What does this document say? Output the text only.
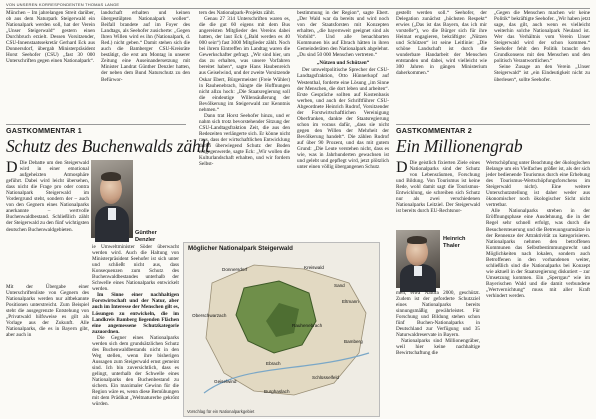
VON UNSEREN KORRESPONDENTEN THOMAS LANGE

München – Im jahrelangen Streit darüber, ob aus dem Naturpark Steigerwald ein Nationalpark werden soll, hat der Verein „Unser Steigerwald“ gestern einen Durchbruch erzielt. Dessen Vorsitzender, CSU-Innenstaatssekretär Gerhard Eck aus Donnersdorf, übergab Ministerpräsident Horst Seehofer (CSU) „fast 30 000 Unterschriften gegen einen Nationalpark“.

landschaft erhalten und keinen übergestülpten Nationalpark wollen“. Beifall brandete auf im Foyer des Landtags, als Seehofer zusicherte: „Gegen Ihren Willen wird es ihn (Nationalpark, d. Red.) nicht geben.“ Damit stehen sich die auch die Bamberger CSU-Kreisräte bestätigt, die erst am Montag in unserer Zeitung eine Auseinandersetzung mit Minister Landrat Günther Denzler hatten, der neben dem Bund Naturschutz zu den Befürwor-

tern des Nationalpark-Projekts zählt.

Genau 27 314 Unterschriften waren es, die die gut 60 eigens mit dem Bus angereisten Mitglieder des Vereins dabei hatten, der laut Eck („Bald werden es 40 000 sein“) fast 3000 Mitglieder zählt. Noch bei ihrem Eintreffen im Landtag waren die Gewerkschafter gefragt. „Wir sind hier, um das zu erhalten, was unsere Vorfahren bereitet haben“, sagte Hans Haubenreich aus Geiselwind, und der zweite Vorsitzende Oskar Ebert, Bürgermeister (Freie Wähler) in Rauhenebrach, hängte die Hoffnungen nicht allzu hoch: „Die Staatsregierung soll die eindeutige Willensäußerung der Bevölkerung im Steigerwald zur Kenntnis nehmen.“

Dann trat Horst Seehofer hinzu, und er nahm sich trotz bevorstehender Sitzung der CSU-Landtagsfraktion Zeit, die aus den Redezeiten verlängerte sich. Er könne nicht raus, dass der wirtschaftlichen Entwicklung durch überwiegend Schutz der Boden entgegenwerde, sagte Eck: „Wir wollen die Kulturlandschaft erhalten, und wir fordern Selbst-

bestimmung in der Region“, sagte Ebert. „Der Wald war da bereits und wird noch von der Staatsforsten mit Konzepten erhalten, „die bayernweit geeignet sind als Vorbild“. Und alle benachbarten Kommunen bis auf Ebrach hätten in ihren Gemeinderäten den Nationalpark abgelehnt. „Du sind 50 000 Menschen vertreten.“

„Nützen und Schützen“

Der umweltpolitische Sprecher der CSU-Landtagsfraktion, Otto Hünnerkopf auf Westenthal, forderte eine Lösung „im Sinne der Menschen, die dort leben und arbeiten“. Erste Gespräche sollten auf Kostenbasis werben, und auch der Schriftführer CSU-Abgeordnete Heinrich Rudrof, Vorsitzender der Forstwirtschaftlichen Vereinigung Oberfranken, dankte der Staatsregierung schon im voraus dafür, „dass sie nicht gegen den Willen der Mehrheit der Bevölkerung handelt“. Die zählen Rudrof auf über 90 Prozent, und das mit gutem Grund: „Die Leute verstehen nicht, dass es wie, was in Jahrhunderten gewachsen ist und gelebt und gepflegt wird, jetzt plötzlich unter einen völlig übergangenen Schutz

gestellt werden soll.“ Seehofer, der Delegation zunächst „höchsten Respekt“ erwies („Das ist das Bayern, das ich mir vorstelle“), wo die Bürger sich für ihre Heimat engagieren, bekräftigte: „Nützen und Schützen“ ist seine Leitlinie: „Die schöne Landschaft ist durch die wunderbare Handarbeit der Menschen entstanden und dabei, wird vielleicht wie 300 Jahren in gängen Ministerium daherkommen.“

„Gegen die Menschen machen wir keine Politik“ bekräftigte Seehofer. „Wir haben jetzt sage, das gilt, auch wenn es vielleicht weiterhin solche Nationalpark Neuland ist. Wer das Verhältnis vom Verein Unser Steigerwald wird der schon kommen.“ Seehofer fehlt den Politik braucht den Grundkonsens mit den Menschen und den politisch Verantwortlichen.“

Seine Zusage an den Verein „Unser Steigerwald“ ist „ein Eindeutigkeit nicht zu überlesen“, sollte Seehofer.

GASTKOMMENTAR 1
Schutz des Buchenwalds zählt
D Die Debatte um den Steigerwald wird in einer emotional aufgeheizten Atmosphäre geführt. Dabei wird leicht übersehen, dass nicht die Frage pro oder contra Nationalpark Steigerwald im Vordergrund steht, sondern der – auch von den Gegnern eines Nationalparks anerkannte – wertvolle Buchenwaldbestand. Schließlich zählt der Steigerwald zu den fünf wichtigsten deutschen Buchenwaldgebieten.
Günther
Denzler

Mit der Übergabe einer Unterschriftenliste von Gegnern des Nationalparks werden nur altbekannte Positionen unterstreicht. Zum Beispiel steht die ausgegrenzte Entstehung von „Privatwald hilfsweise es gilt als Vorlage aus der Zukunft. Alle Nationalparks, die es in Bayern gibt, aber auch in

ie Umweltminister Söder überwacht werden wird. Auch die Haltung von Ministerpräsident Seehofer ist sich unter und schließt nicht aus, dass Konsequenzen zum Schutz des Buchenwaldbestandes unterhalb der Schwelle eines Nationalparks entwickelt werden.

Im Sinne einer nachhaltigen Forstwirtschaft und der Natur, aber auch im Interesse der Menschen gilt es, Lösungen zu entwickeln, die im Landkreis Bamberg liegenden Flächen eine angemessene Schutzkategorie zuzuordnen.

Die Gegner eines Nationalparks werden sich dem grundsätzlichen Schutz des Buchenwaldbestands nicht in den Weg stellen, wenn ihre bisherigen Aussagen zum Steigerwald ernst gemeint sind. Ich bin zuversichtlich, dass es gelingt, unterhalb der Schwelle eines Nationalparks den Buchenbestand zu sichern. Ein maximaler Gewinn für die Region wäre es, wenn diese Bemühungen mit dem Prädikat „Weltnaturerbe gekrönt würden.

Möglicher Nationalpark Steigerwald
Donnersdorf	Kreiswald
Sand
Eltmann
Oberschwarzach
Bamberg
Ebrach
Geiselwind
Burghaslach
Rauhenebrach
Schlüsselfeld
Vorschlag für ein Nationalparkgebiet
GASTKOMMENTAR 2
Ein Millionengrab
D Die geistlich fixierten Ziele eines Nationalparks sind der Schutz von Lebensräumen, Forschung und Bildung. Von Tourismus ist keine Rede, wohl damit sagt die Tourismus-Entwicklung, sie schreiben sich Schutz nur als zwei verschiedenen Nationalparks Leitziel. Der Steigerwald ist bereits durch EU-Rechtsnor-
Heinrich
Thaler

men, etwa Natura 2000, geschützt. Zudem ist der geforderte Schutzziel eines Nationalparks bereits sinnungsmäßig gewährleistet. Für Forschung und Bildung stehen schon fünf Buchen-Nationalparks in Deutschland zur Verfügung und 35 Naturwaldreservate in Bayern.

Nationalparks sind Millionengräber, weil hier keine nachhaltige Bewirtschaftung die

Wertschöpfung unter Beachtung der ökologischen Belange um ein Vielfaches größer ist, als der sich jeder bedienende Tourismus durch eine Erhebung des Tourismus-Wertschöpfungsforschens im Steigerwald nicht). Eine weitere Unterschutzstellung ist daher weder aus ökonomischer noch ökologischer Sicht nicht vertretbar.

Alle Nationalparks streben in der Eröffnungsphase eine Ausdehnung, die in der Regel sehr schnell erfolgt, was durch die Besuchersteuerung und die Betreuungsumsätze in der Rennenze der Attraktivität zu kategorisieren. Nationalparks nehmen den betroffenen Kommunen das Selbstbestimmungsrecht und Möglichkeiten nach lokalen, sondern auch Betroffenen in den vorhandenen weiter, schließlich sind die Nationalparks bei Konzept wie aktuell in der Staatsregierung diskutiert – zur Umsetzung kommen. Ein „Sperrgau“ wie im Bayerischen Wald und die damit verbundene „Wertvernichtung“ muss mit aller Kraft verhindert werden.
